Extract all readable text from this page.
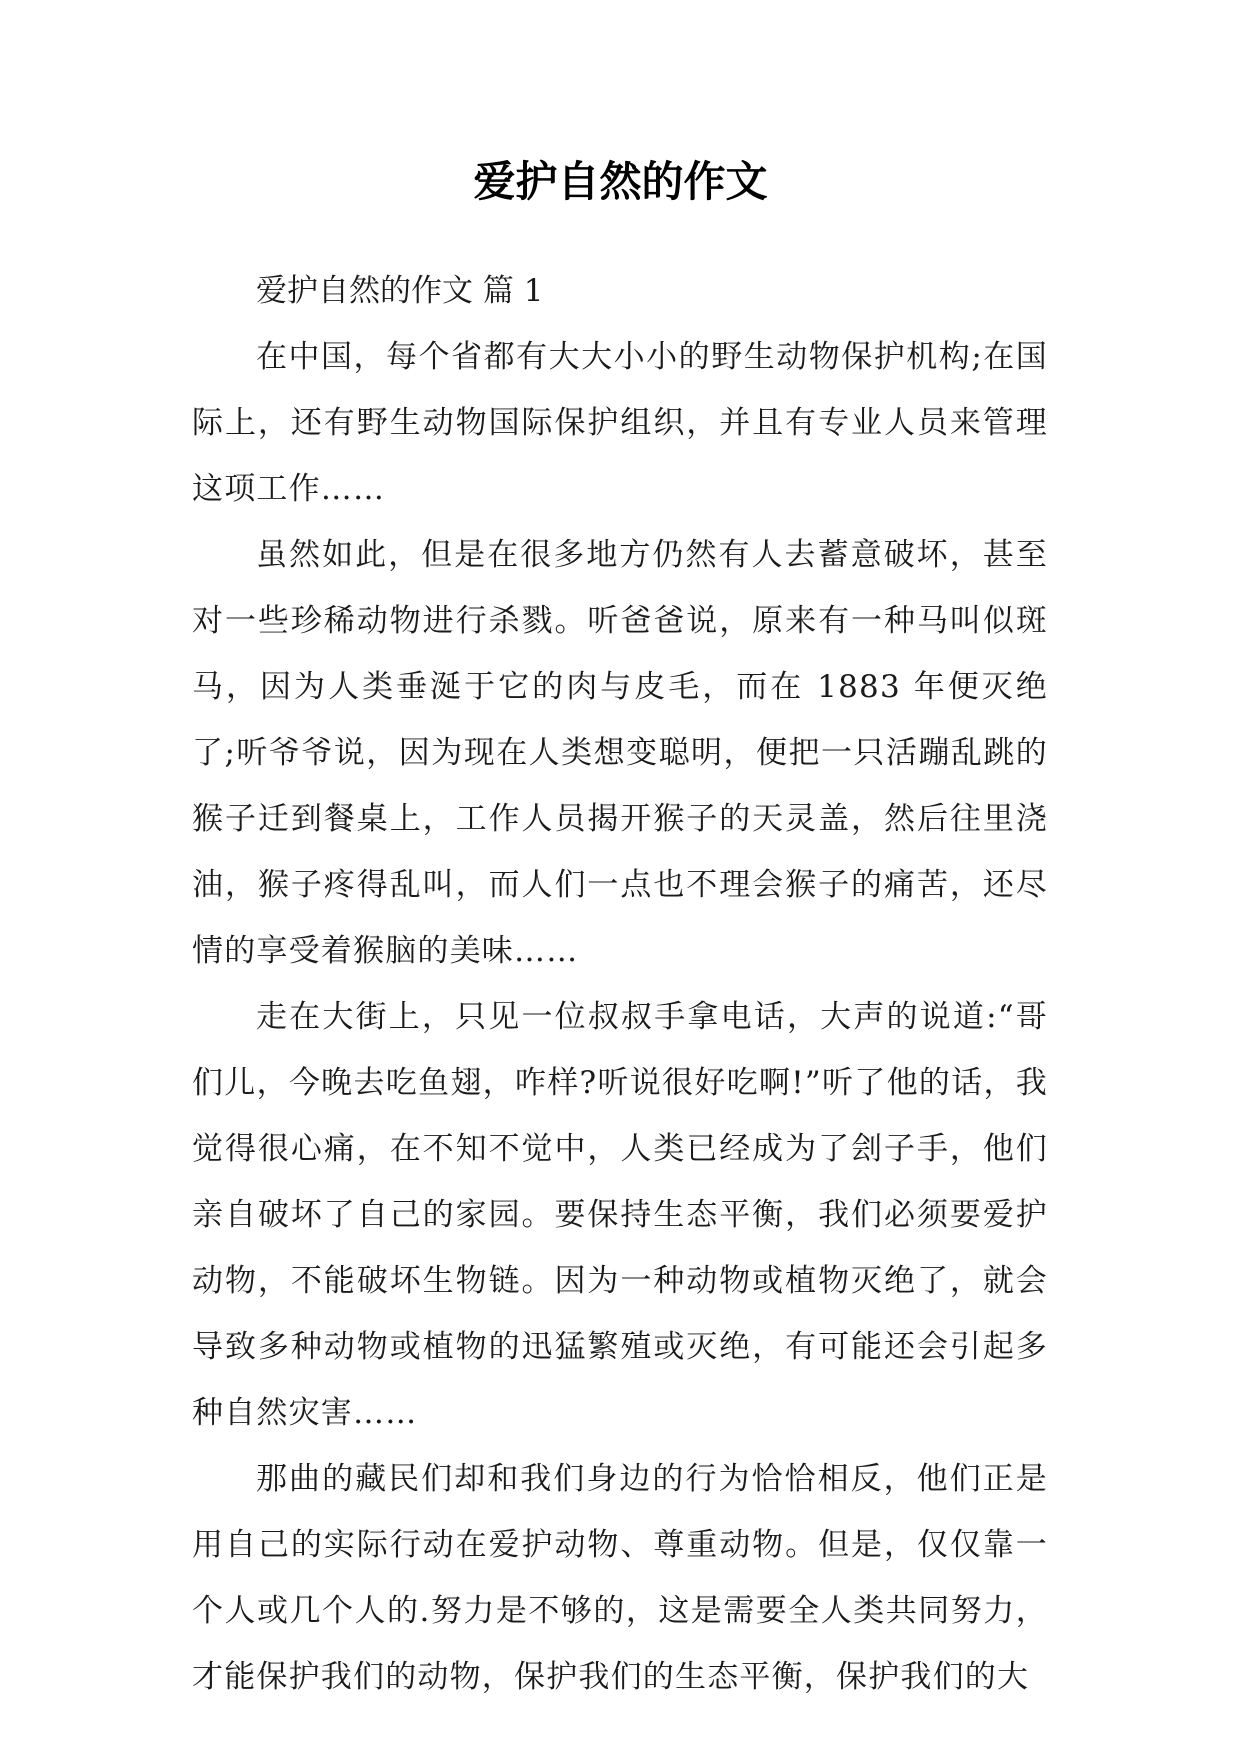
爱护自然的作文
爱护自然的作文 篇 1

在中国，每个省都有大大小小的野生动物保护机构;在国际上，还有野生动物国际保护组织，并且有专业人员来管理这项工作……

虽然如此，但是在很多地方仍然有人去蓄意破坏，甚至对一些珍稀动物进行杀戮。听爸爸说，原来有一种马叫似斑马，因为人类垂涎于它的肉与皮毛，而在 1883 年便灭绝了;听爷爷说，因为现在人类想变聪明，便把一只活蹦乱跳的猴子迁到餐桌上，工作人员揭开猴子的天灵盖，然后往里浇油，猴子疼得乱叫，而人们一点也不理会猴子的痛苦，还尽情的享受着猴脑的美味……

走在大街上，只见一位叔叔手拿电话，大声的说道:“哥们儿，今晚去吃鱼翅，咋样?听说很好吃啊!”听了他的话，我觉得很心痛，在不知不觉中，人类已经成为了刽子手，他们亲自破坏了自己的家园。要保持生态平衡，我们必须要爱护动物，不能破坏生物链。因为一种动物或植物灭绝了，就会导致多种动物或植物的迅猛繁殖或灭绝，有可能还会引起多种自然灾害……

那曲的藏民们却和我们身边的行为恰恰相反，他们正是用自己的实际行动在爱护动物、尊重动物。但是，仅仅靠一个人或几个人的.努力是不够的，这是需要全人类共同努力，才能保护我们的动物，保护我们的生态平衡，保护我们的大
